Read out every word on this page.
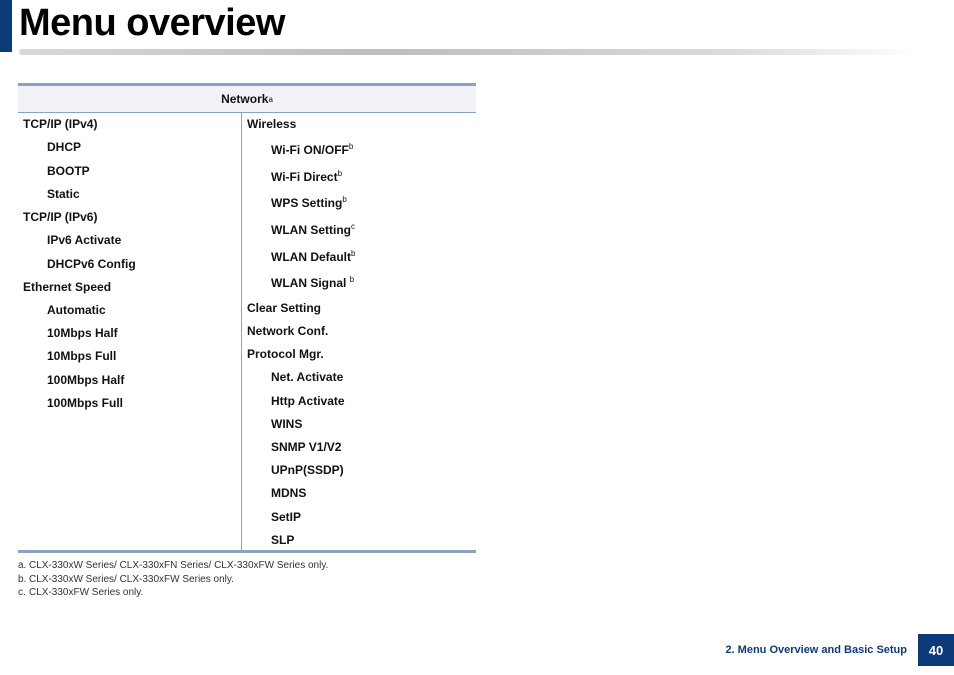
Menu overview
Network a
TCP/IP (IPv4)
DHCP
BOOTP
Static
TCP/IP (IPv6)
IPv6 Activate
DHCPv6 Config
Ethernet Speed
Automatic
10Mbps Half
10Mbps Full
100Mbps Half
100Mbps Full
Wireless
Wi-Fi ON/OFF$^b$
Wi-Fi Direct$^b$
WPS Setting$^b$
WLAN Setting$^c$
WLAN Default$^b$
WLAN Signal $^b$
Clear Setting
Network Conf.
Protocol Mgr.
Net. Activate
Http Activate
WINS
SNMP V1/V2
UPnP(SSDP)
MDNS
SetIP
SLP
a. CLX-330xW Series/ CLX-330xFN Series/ CLX-330xFW Series only.
b. CLX-330xW Series/ CLX-330xFW Series only.
c. CLX-330xFW Series only.
2. Menu Overview and Basic Setup	40
